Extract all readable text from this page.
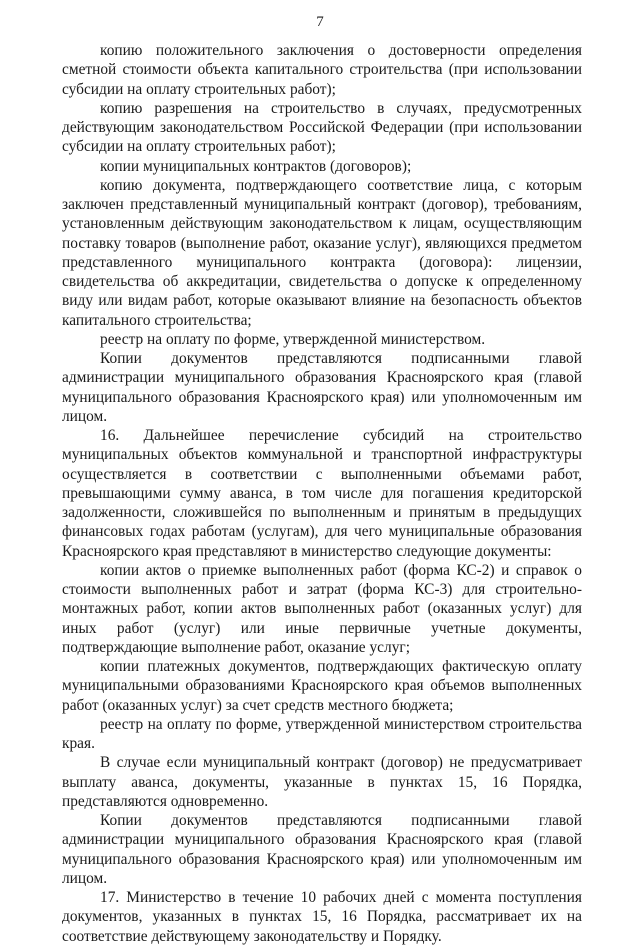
7

копию положительного заключения о достоверности определения сметной стоимости объекта капитального строительства (при использовании субсидии на оплату строительных работ);

копию разрешения на строительство в случаях, предусмотренных действующим законодательством Российской Федерации (при использовании субсидии на оплату строительных работ);

копии муниципальных контрактов (договоров);

копию документа, подтверждающего соответствие лица, с которым заключен представленный муниципальный контракт (договор), требованиям, установленным действующим законодательством к лицам, осуществляющим поставку товаров (выполнение работ, оказание услуг), являющихся предметом представленного муниципального контракта (договора): лицензии, свидетельства об аккредитации, свидетельства о допуске к определенному виду или видам работ, которые оказывают влияние на безопасность объектов капитального строительства;

реестр на оплату по форме, утвержденной министерством.

Копии документов представляются подписанными главой администрации муниципального образования Красноярского края (главой муниципального образования Красноярского края) или уполномоченным им лицом.

16. Дальнейшее перечисление субсидий на строительство муниципальных объектов коммунальной и транспортной инфраструктуры осуществляется в соответствии с выполненными объемами работ, превышающими сумму аванса, в том числе для погашения кредиторской задолженности, сложившейся по выполненным и принятым в предыдущих финансовых годах работам (услугам), для чего муниципальные образования Красноярского края представляют в министерство следующие документы:

копии актов о приемке выполненных работ (форма КС-2) и справок о стоимости выполненных работ и затрат (форма КС-3) для строительно-монтажных работ, копии актов выполненных работ (оказанных услуг) для иных работ (услуг) или иные первичные учетные документы, подтверждающие выполнение работ, оказание услуг;

копии платежных документов, подтверждающих фактическую оплату муниципальными образованиями Красноярского края объемов выполненных работ (оказанных услуг) за счет средств местного бюджета;

реестр на оплату по форме, утвержденной министерством строительства края.

В случае если муниципальный контракт (договор) не предусматривает выплату аванса, документы, указанные в пунктах 15, 16 Порядка, представляются одновременно.

Копии документов представляются подписанными главой администрации муниципального образования Красноярского края (главой муниципального образования Красноярского края) или уполномоченным им лицом.

17. Министерство в течение 10 рабочих дней с момента поступления документов, указанных в пунктах 15, 16 Порядка, рассматривает их на соответствие действующему законодательству и Порядку.
